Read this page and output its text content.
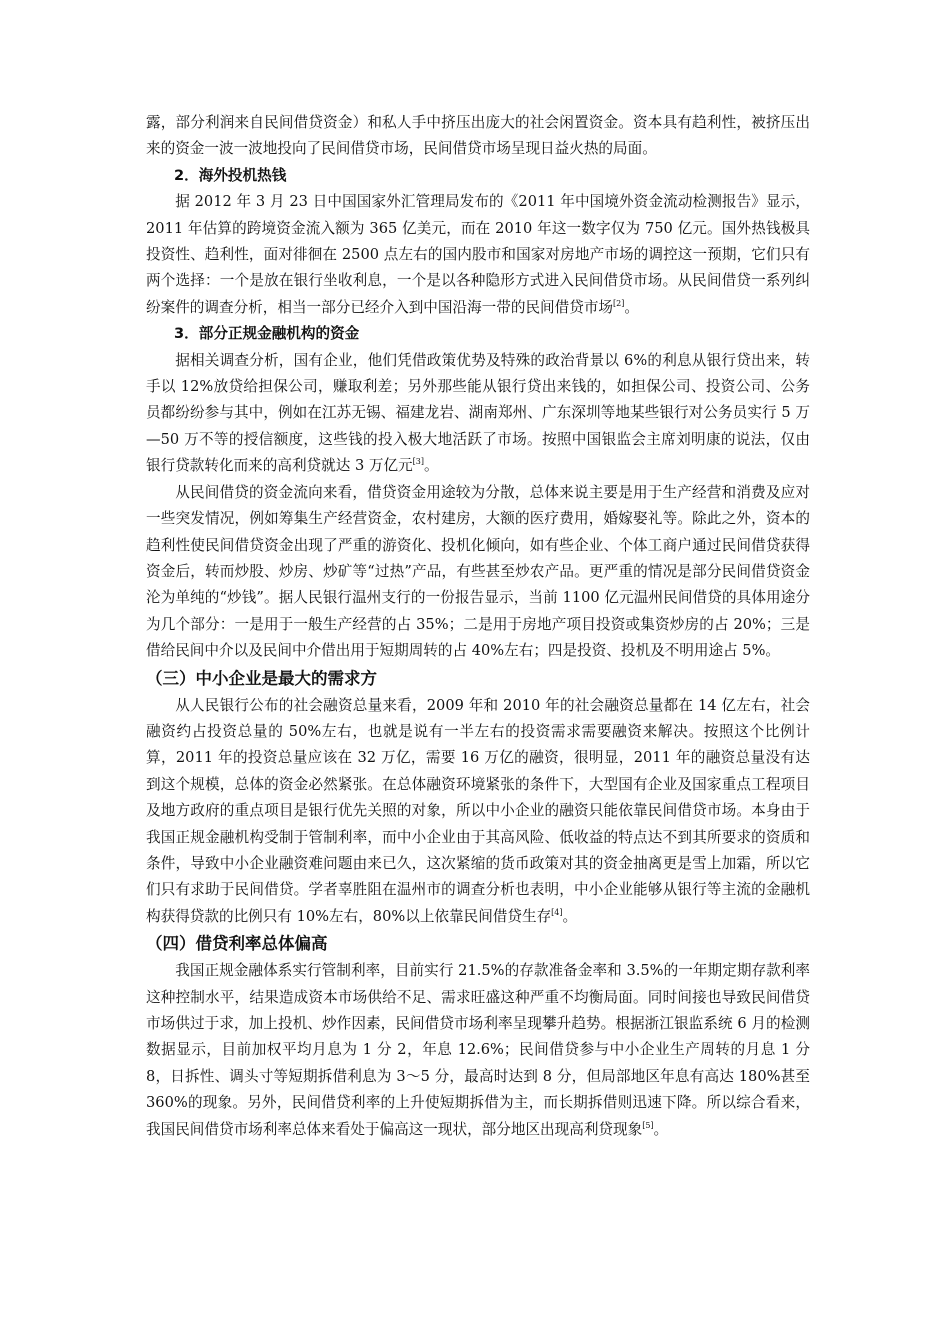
露，部分利润来自民间借贷资金）和私人手中挤压出庞大的社会闲置资金。资本具有趋利性，被挤压出来的资金一波一波地投向了民间借贷市场，民间借贷市场呈现日益火热的局面。

2．海外投机热钱

据 2012 年 3 月 23 日中国国家外汇管理局发布的《2011 年中国境外资金流动检测报告》显示，2011 年估算的跨境资金流入额为 365 亿美元，而在 2010 年这一数字仅为 750 亿元。国外热钱极具投资性、趋利性，面对徘徊在 2500 点左右的国内股市和国家对房地产市场的调控这一预期，它们只有两个选择：一个是放在银行坐收利息，一个是以各种隐形方式进入民间借贷市场。从民间借贷一系列纠纷案件的调查分析，相当一部分已经介入到中国沿海一带的民间借贷市场[2]。

3．部分正规金融机构的资金

据相关调查分析，国有企业，他们凭借政策优势及特殊的政治背景以 6%的利息从银行贷出来，转手以 12%放贷给担保公司，赚取利差；另外那些能从银行贷出来钱的，如担保公司、投资公司、公务员都纷纷参与其中，例如在江苏无锡、福建龙岩、湖南郑州、广东深圳等地某些银行对公务员实行 5 万—50 万不等的授信额度，这些钱的投入极大地活跃了市场。按照中国银监会主席刘明康的说法，仅由银行贷款转化而来的高利贷就达 3 万亿元[3]。

从民间借贷的资金流向来看，借贷资金用途较为分散，总体来说主要是用于生产经营和消费及应对一些突发情况，例如筹集生产经营资金，农村建房，大额的医疗费用，婚嫁娶礼等。除此之外，资本的趋利性使民间借贷资金出现了严重的游资化、投机化倾向，如有些企业、个体工商户通过民间借贷获得资金后，转而炒股、炒房、炒矿等“过热”产品，有些甚至炒农产品。更严重的情况是部分民间借贷资金沦为单纯的“炒钱”。据人民银行温州支行的一份报告显示，当前 1100 亿元温州民间借贷的具体用途分为几个部分：一是用于一般生产经营的占 35%；二是用于房地产项目投资或集资炒房的占 20%；三是借给民间中介以及民间中介借出用于短期周转的占 40%左右；四是投资、投机及不明用途占 5%。

（三）中小企业是最大的需求方

从人民银行公布的社会融资总量来看，2009 年和 2010 年的社会融资总量都在 14 亿左右，社会融资约占投资总量的 50%左右，也就是说有一半左右的投资需求需要融资来解决。按照这个比例计算，2011 年的投资总量应该在 32 万亿，需要 16 万亿的融资，很明显，2011 年的融资总量没有达到这个规模，总体的资金必然紧张。在总体融资环境紧张的条件下，大型国有企业及国家重点工程项目及地方政府的重点项目是银行优先关照的对象，所以中小企业的融资只能依靠民间借贷市场。本身由于我国正规金融机构受制于管制利率，而中小企业由于其高风险、低收益的特点达不到其所要求的资质和条件，导致中小企业融资难问题由来已久，这次紧缩的货币政策对其的资金抽离更是雪上加霜，所以它们只有求助于民间借贷。学者辜胜阻在温州市的调查分析也表明，中小企业能够从银行等主流的金融机构获得贷款的比例只有 10%左右，80%以上依靠民间借贷生存[4]。

（四）借贷利率总体偏高

我国正规金融体系实行管制利率，目前实行 21.5%的存款准备金率和 3.5%的一年期定期存款利率这种控制水平，结果造成资本市场供给不足、需求旺盛这种严重不均衡局面。同时间接也导致民间借贷市场供过于求，加上投机、炒作因素，民间借贷市场利率呈现攀升趋势。根据浙江银监系统 6 月的检测数据显示，目前加权平均月息为 1 分 2，年息 12.6%；民间借贷参与中小企业生产周转的月息 1 分 8，日拆性、调头寸等短期拆借利息为 3～5 分，最高时达到 8 分，但局部地区年息有高达 180%甚至 360%的现象。另外，民间借贷利率的上升使短期拆借为主，而长期拆借则迅速下降。所以综合看来，我国民间借贷市场利率总体来看处于偏高这一现状，部分地区出现高利贷现象[5]。
